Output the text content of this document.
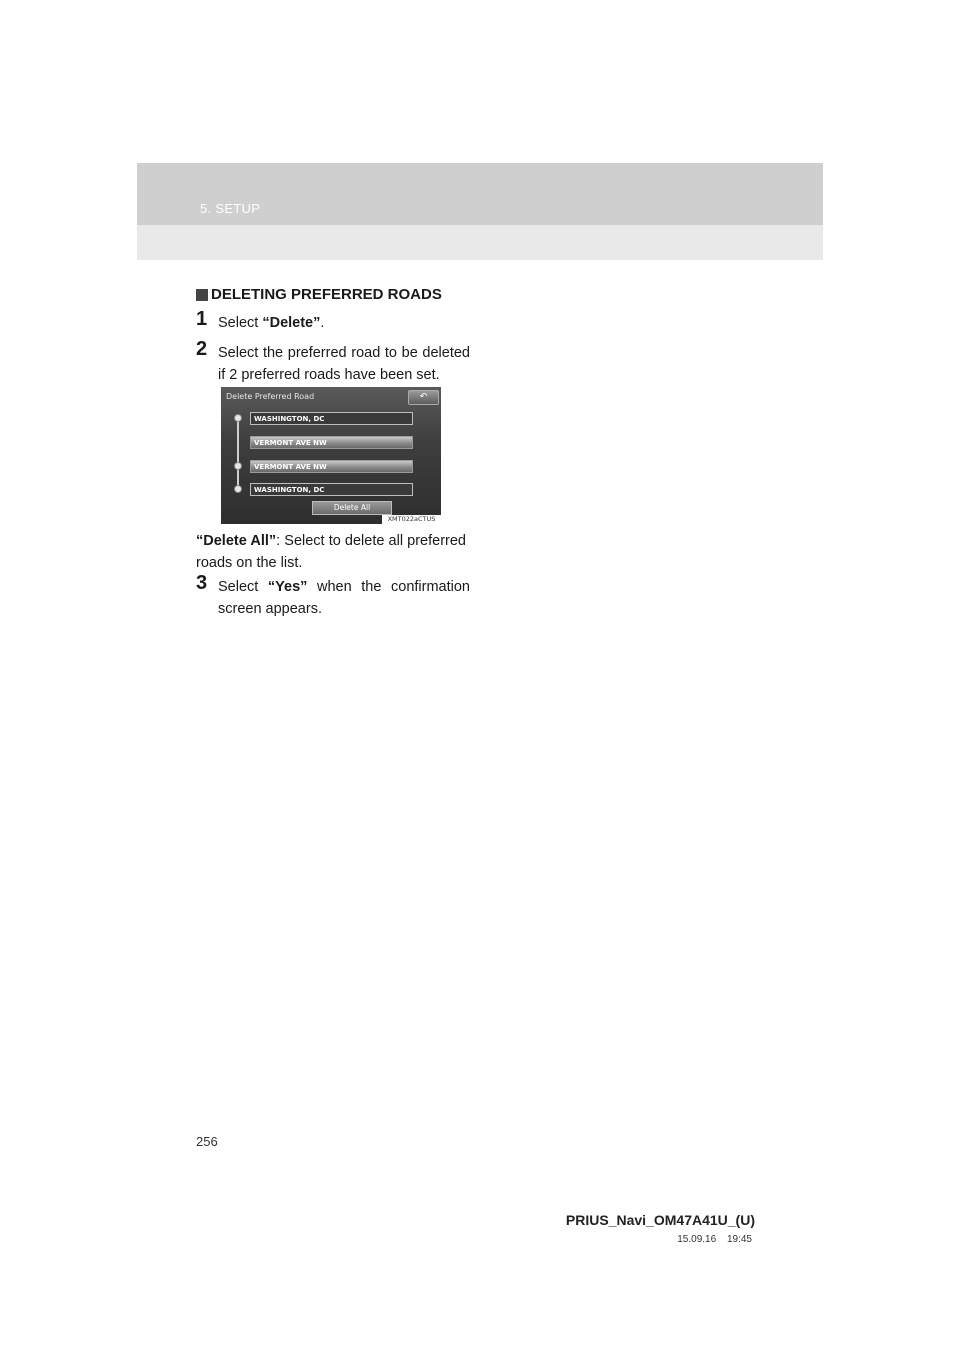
5. SETUP
DELETING PREFERRED ROADS
1 Select “Delete”.
2 Select the preferred road to be deleted if 2 preferred roads have been set.
Delete Preferred Road	↶
WASHINGTON, DC
VERMONT AVE NW
VERMONT AVE NW
WASHINGTON, DC
Delete All
XMT022aCTUS
“Delete All”: Select to delete all preferred roads on the list.
3 Select “Yes” when the confirmation screen appears.
256
PRIUS_Navi_OM47A41U_(U)
15.09.16 19:45
